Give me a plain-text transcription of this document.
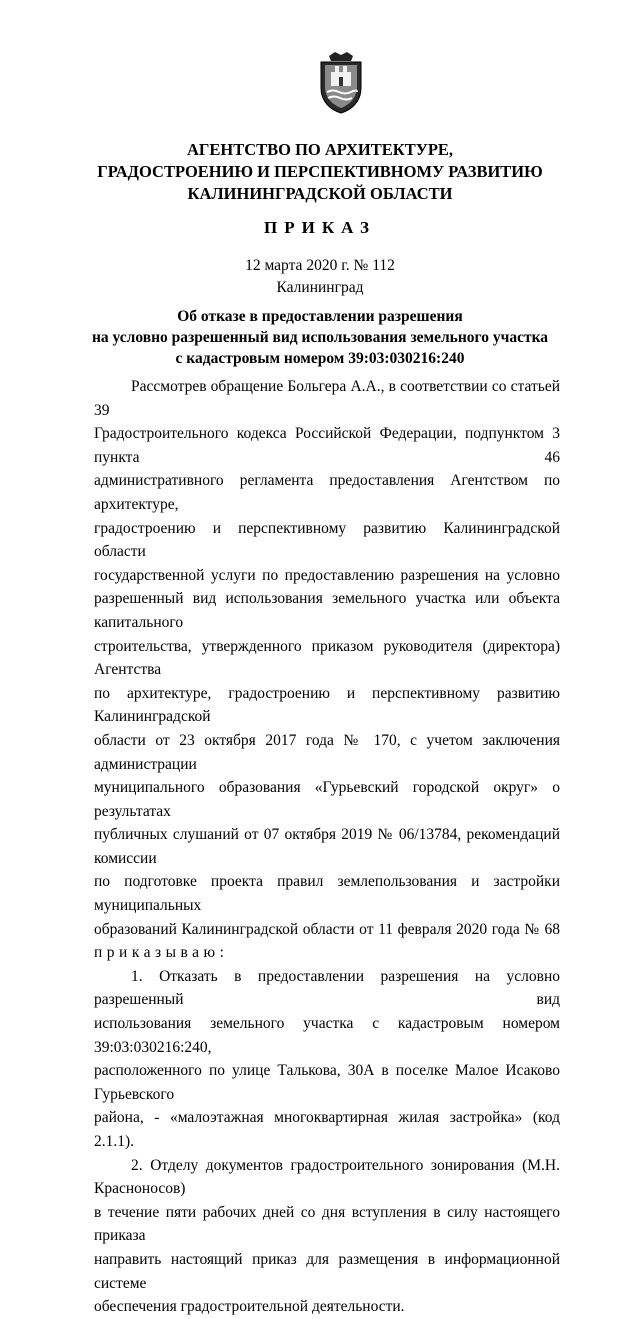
АГЕНТСТВО ПО АРХИТЕКТУРЕ,
ГРАДОСТРОЕНИЮ И ПЕРСПЕКТИВНОМУ РАЗВИТИЮ
КАЛИНИНГРАДСКОЙ ОБЛАСТИ
ПРИКАЗ
12 марта 2020 г. № 112
Калининград
Об отказе в предоставлении разрешения
на условно разрешенный вид использования земельного участка
с кадастровым номером 39:03:030216:240

Рассмотрев обращение Больгера А.А., в соответствии со статьей 39

Градостроительного кодекса Российской Федерации, подпунктом 3 пункта 46

административного регламента предоставления Агентством по архитектуре,

градостроению и перспективному развитию Калининградской области

государственной услуги по предоставлению разрешения на условно

разрешенный вид использования земельного участка или объекта капитального

строительства, утвержденного приказом руководителя (директора) Агентства

по архитектуре, градостроению и перспективному развитию Калининградской

области от 23 октября 2017 года № 170, с учетом заключения администрации

муниципального образования «Гурьевский городской округ» о результатах

публичных слушаний от 07 октября 2019 № 06/13784, рекомендаций комиссии

по подготовке проекта правил землепользования и застройки муниципальных

образований Калининградской области от 11 февраля 2020 года № 68

приказываю:

1. Отказать в предоставлении разрешения на условно разрешенный вид

использования земельного участка с кадастровым номером 39:03:030216:240,

расположенного по улице Талькова, 30А в поселке Малое Исаково Гурьевского

района, - «малоэтажная многоквартирная жилая застройка» (код 2.1.1).

2. Отделу документов градостроительного зонирования (М.Н. Красноносов)

в течение пяти рабочих дней со дня вступления в силу настоящего приказа

направить настоящий приказ для размещения в информационной системе

обеспечения градостроительной деятельности.
